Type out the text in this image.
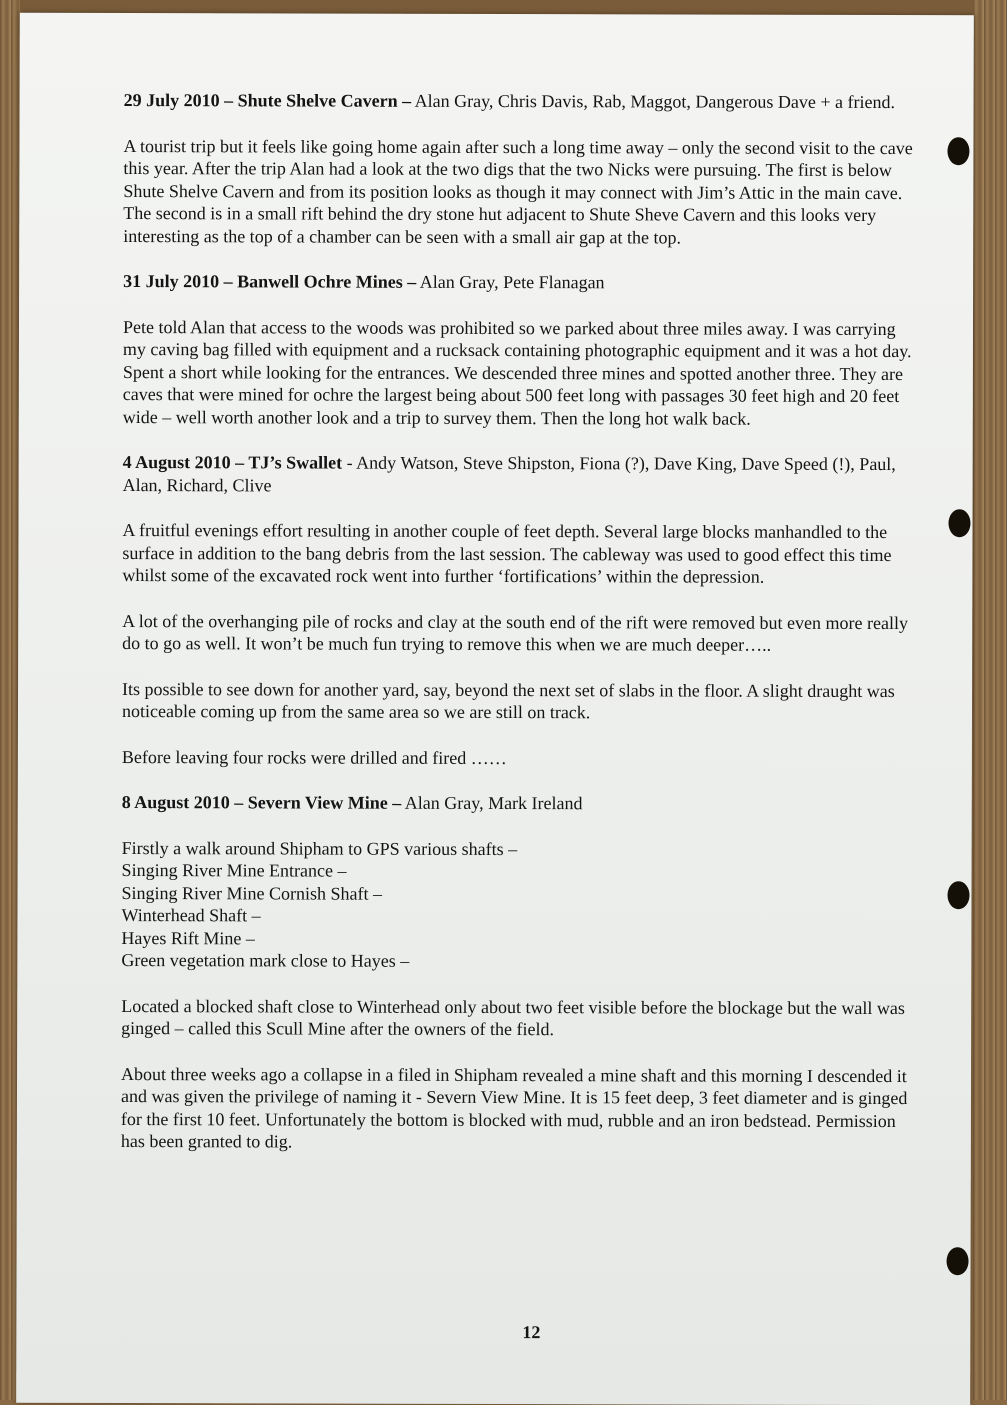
29 July 2010 – Shute Shelve Cavern – Alan Gray, Chris Davis, Rab, Maggot, Dangerous Dave + a friend.

A tourist trip but it feels like going home again after such a long time away – only the second visit to the cave this year. After the trip Alan had a look at the two digs that the two Nicks were pursuing. The first is below Shute Shelve Cavern and from its position looks as though it may connect with Jim’s Attic in the main cave. The second is in a small rift behind the dry stone hut adjacent to Shute Sheve Cavern and this looks very interesting as the top of a chamber can be seen with a small air gap at the top.

31 July 2010 – Banwell Ochre Mines – Alan Gray, Pete Flanagan

Pete told Alan that access to the woods was prohibited so we parked about three miles away. I was carrying my caving bag filled with equipment and a rucksack containing photographic equipment and it was a hot day. Spent a short while looking for the entrances. We descended three mines and spotted another three. They are caves that were mined for ochre the largest being about 500 feet long with passages 30 feet high and 20 feet wide – well worth another look and a trip to survey them. Then the long hot walk back.

4 August 2010 – TJ’s Swallet - Andy Watson, Steve Shipston, Fiona (?), Dave King, Dave Speed (!), Paul, Alan, Richard, Clive

A fruitful evenings effort resulting in another couple of feet depth. Several large blocks manhandled to the surface in addition to the bang debris from the last session. The cableway was used to good effect this time whilst some of the excavated rock went into further ‘fortifications’ within the depression.

A lot of the overhanging pile of rocks and clay at the south end of the rift were removed but even more really do to go as well. It won’t be much fun trying to remove this when we are much deeper…..

Its possible to see down for another yard, say, beyond the next set of slabs in the floor. A slight draught was noticeable coming up from the same area so we are still on track.

Before leaving four rocks were drilled and fired ……

8 August 2010 – Severn View Mine – Alan Gray, Mark Ireland

Firstly a walk around Shipham to GPS various shafts –
Singing River Mine Entrance –
Singing River Mine Cornish Shaft –
Winterhead Shaft –
Hayes Rift Mine –
Green vegetation mark close to Hayes –

Located a blocked shaft close to Winterhead only about two feet visible before the blockage but the wall was ginged – called this Scull Mine after the owners of the field.

About three weeks ago a collapse in a filed in Shipham revealed a mine shaft and this morning I descended it and was given the privilege of naming it - Severn View Mine. It is 15 feet deep, 3 feet diameter and is ginged for the first 10 feet. Unfortunately the bottom is blocked with mud, rubble and an iron bedstead. Permission has been granted to dig.

12
